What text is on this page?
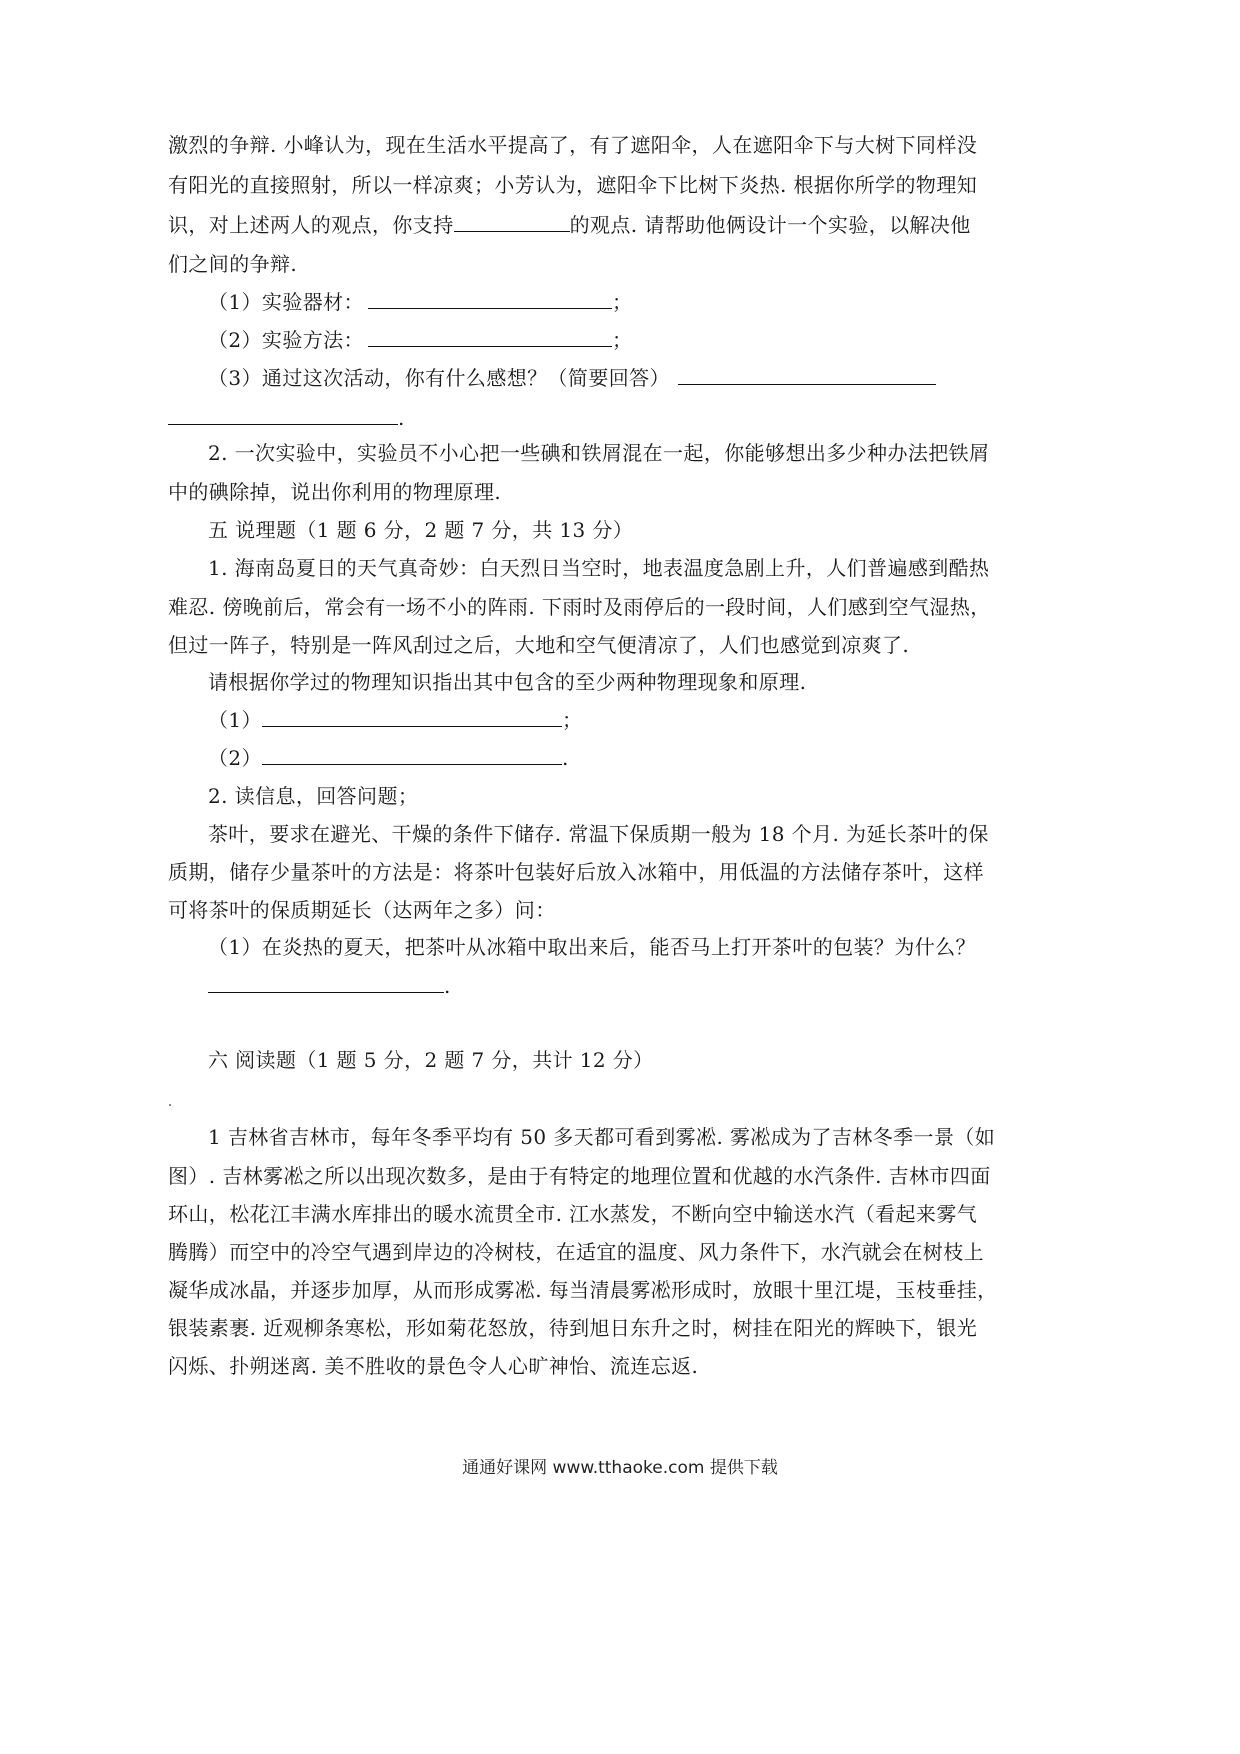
激烈的争辩. 小峰认为，现在生活水平提高了，有了遮阳伞，人在遮阳伞下与大树下同样没
有阳光的直接照射，所以一样凉爽；小芳认为，遮阳伞下比树下炎热. 根据你所学的物理知
识，对上述两人的观点，你支持	的观点. 请帮助他俩设计一个实验，以解决他
们之间的争辩.
（1）实验器材：	；
（2）实验方法：	；
（3）通过这次活动，你有什么感想？（简要回答）
.
2. 一次实验中，实验员不小心把一些碘和铁屑混在一起，你能够想出多少种办法把铁屑
中的碘除掉，说出你利用的物理原理.
五 说理题（1 题 6 分，2 题 7 分，共 13 分）
1. 海南岛夏日的天气真奇妙：白天烈日当空时，地表温度急剧上升，人们普遍感到酷热
难忍. 傍晚前后，常会有一场不小的阵雨. 下雨时及雨停后的一段时间，人们感到空气湿热，
但过一阵子，特别是一阵风刮过之后，大地和空气便清凉了，人们也感觉到凉爽了.
请根据你学过的物理知识指出其中包含的至少两种物理现象和原理.
（1）	；
（2）	.
2. 读信息，回答问题；
茶叶，要求在避光、干燥的条件下储存. 常温下保质期一般为 18 个月. 为延长茶叶的保
质期，储存少量茶叶的方法是：将茶叶包装好后放入冰箱中，用低温的方法储存茶叶，这样
可将茶叶的保质期延长（达两年之多）问：
（1）在炎热的夏天，把茶叶从冰箱中取出来后，能否马上打开茶叶的包装？为什么？
.
六 阅读题（1 题 5 分，2 题 7 分，共计 12 分）
1 吉林省吉林市，每年冬季平均有 50 多天都可看到雾凇. 雾凇成为了吉林冬季一景（如
图）. 吉林雾凇之所以出现次数多，是由于有特定的地理位置和优越的水汽条件. 吉林市四面
环山，松花江丰满水库排出的暖水流贯全市. 江水蒸发，不断向空中输送水汽（看起来雾气
腾腾）而空中的冷空气遇到岸边的冷树枝，在适宜的温度、风力条件下，水汽就会在树枝上
凝华成冰晶，并逐步加厚，从而形成雾凇. 每当清晨雾凇形成时，放眼十里江堤，玉枝垂挂，
银装素裹. 近观柳条寒松，形如菊花怒放，待到旭日东升之时，树挂在阳光的辉映下，银光
闪烁、扑朔迷离. 美不胜收的景色令人心旷神怡、流连忘返.
通通好课网 www.tthaoke.com 提供下载
